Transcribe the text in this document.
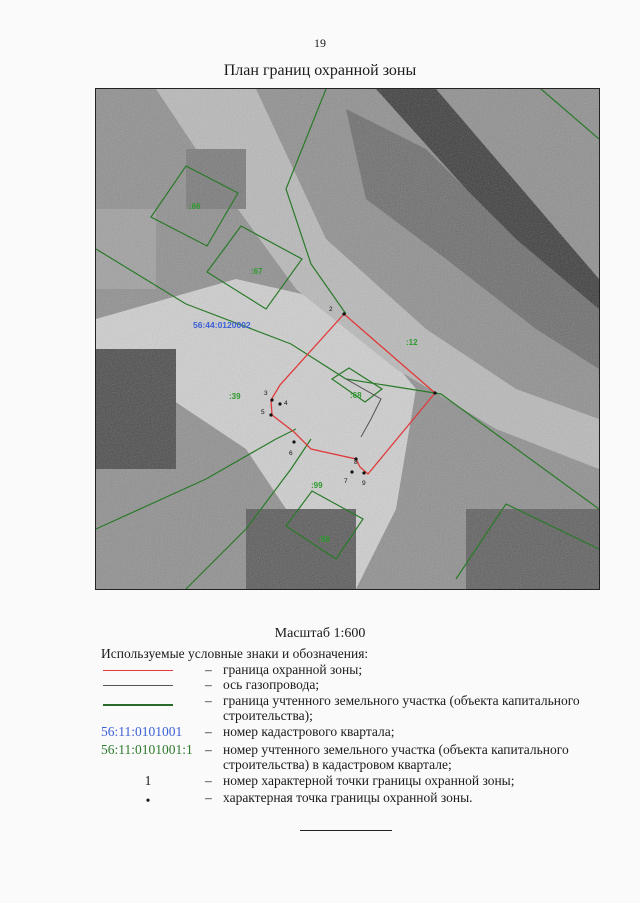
19
План границ охранной зоны
2
3
4
5
6
7
8
9
56:44:0120002
:66
:67
:12
:68
:39
:99
:98
Масштаб 1:600
Используемые условные знаки и обозначения:
– граница охранной зоны;
– ось газопровода;
– граница учтенного земельного участка (объекта капитального
строительства);
56:11:0101001	– номер кадастрового квартала;
56:11:0101001:1 – номер учтенного земельного участка (объекта капитального
строительства) в кадастровом квартале;
1	– номер характерной точки границы охранной зоны;
•	– характерная точка границы охранной зоны.
